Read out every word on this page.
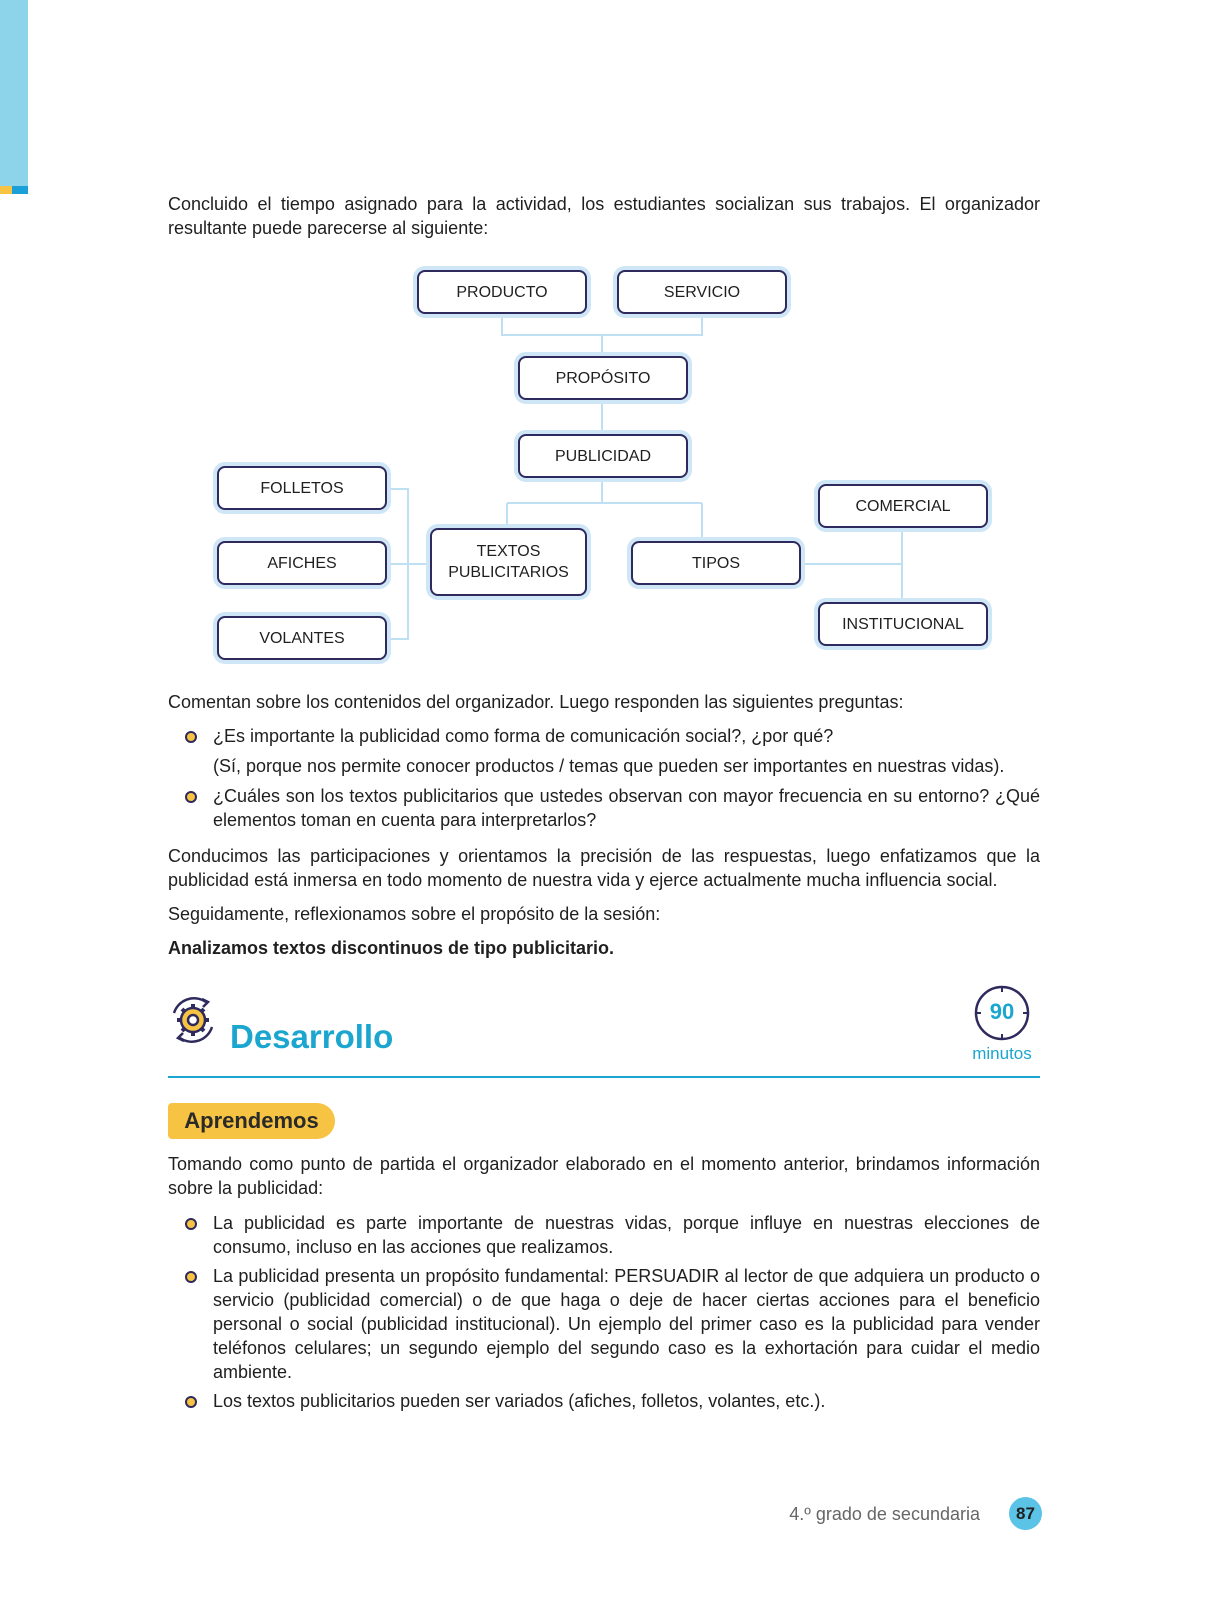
Concluido el tiempo asignado para la actividad, los estudiantes socializan sus trabajos. El organizador resultante puede parecerse al siguiente:

PRODUCTO	SERVICIO
PROPÓSITO
PUBLICIDAD
FOLLETOS
AFICHES
VOLANTES
TEXTOS
PUBLICITARIOS
TIPOS
COMERCIAL
INSTITUCIONAL

Comentan sobre los contenidos del organizador. Luego responden las siguientes preguntas:

¿Es importante la publicidad como forma de comunicación social?, ¿por qué?
(Sí, porque nos permite conocer productos / temas que pueden ser importantes en nuestras vidas).
¿Cuáles son los textos publicitarios que ustedes observan con mayor frecuencia en su entorno? ¿Qué elementos toman en cuenta para interpretarlos?

Conducimos las participaciones y orientamos la precisión de las respuestas, luego enfatizamos que la publicidad está inmersa en todo momento de nuestra vida y ejerce actualmente mucha influencia social.

Seguidamente, reflexionamos sobre el propósito de la sesión:

Analizamos textos discontinuos de tipo publicitario.

Desarrollo
90
minutos
Aprendemos

Tomando como punto de partida el organizador elaborado en el momento anterior, brindamos información sobre la publicidad:

La publicidad es parte importante de nuestras vidas, porque influye en nuestras elecciones de consumo, incluso en las acciones que realizamos.
La publicidad presenta un propósito fundamental: PERSUADIR al lector de que adquiera un producto o servicio (publicidad comercial) o de que haga o deje de hacer ciertas acciones para el beneficio personal o social (publicidad institucional). Un ejemplo del primer caso es la publicidad para vender teléfonos celulares; un segundo ejemplo del segundo caso es la exhortación para cuidar el medio ambiente.
Los textos publicitarios pueden ser variados (afiches, folletos, volantes, etc.).
4.º grado de secundaria	87
